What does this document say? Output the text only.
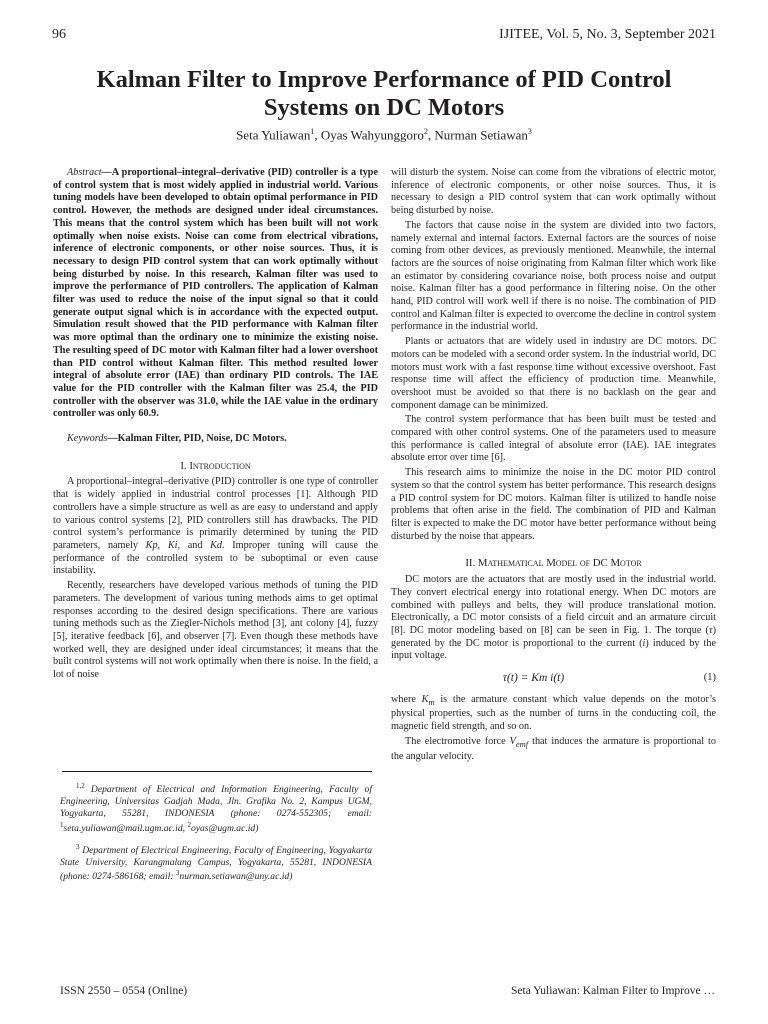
96	IJITEE, Vol. 5, No. 3, September 2021
Kalman Filter to Improve Performance of PID Control
Systems on DC Motors
Seta Yuliawan$^1$, Oyas Wahyunggoro$^2$, Nurman Setiawan$^3$

Abstract—A proportional–integral–derivative (PID) controller is a type of control system that is most widely applied in industrial world. Various tuning models have been developed to obtain optimal performance in PID control. However, the methods are designed under ideal circumstances. This means that the control system which has been built will not work optimally when noise exists. Noise can come from electrical vibrations, inference of electronic components, or other noise sources. Thus, it is necessary to design PID control system that can work optimally without being disturbed by noise. In this research, Kalman filter was used to improve the performance of PID controllers. The application of Kalman filter was used to reduce the noise of the input signal so that it could generate output signal which is in accordance with the expected output. Simulation result showed that the PID performance with Kalman filter was more optimal than the ordinary one to minimize the existing noise. The resulting speed of DC motor with Kalman filter had a lower overshoot than PID control without Kalman filter. This method resulted lower integral of absolute error (IAE) than ordinary PID controls. The IAE value for the PID controller with the Kalman filter was 25.4, the PID controller with the observer was 31.0, while the IAE value in the ordinary controller was only 60.9.

Keywords—Kalman Filter, PID, Noise, DC Motors.

I. Introduction

A proportional–integral–derivative (PID) controller is one type of controller that is widely applied in industrial control processes [1]. Although PID controllers have a simple structure as well as are easy to understand and apply to various control systems [2], PID controllers still has drawbacks. The PID control system’s performance is primarily determined by tuning the PID parameters, namely Kp, Ki, and Kd. Improper tuning will cause the performance of the controlled system to be suboptimal or even cause instability.

Recently, researchers have developed various methods of tuning the PID parameters. The development of various tuning methods aims to get optimal responses according to the desired design specifications. There are various tuning methods such as the Ziegler-Nichols method [3], ant colony [4], fuzzy [5], iterative feedback [6], and observer [7]. Even though these methods have worked well, they are designed under ideal circumstances; it means that the built control systems will not work optimally when there is noise. In the field, a lot of noise

will disturb the system. Noise can come from the vibrations of electric motor, inference of electronic components, or other noise sources. Thus, it is necessary to design a PID control system that can work optimally without being disturbed by noise.

The factors that cause noise in the system are divided into two factors, namely external and internal factors. External factors are the sources of noise coming from other devices, as previously mentioned. Meanwhile, the internal factors are the sources of noise originating from Kalman filter which work like an estimator by considering covariance noise, both process noise and output noise. Kalman filter has a good performance in filtering noise. On the other hand, PID control will work well if there is no noise. The combination of PID control and Kalman filter is expected to overcome the decline in control system performance in the industrial world.

Plants or actuators that are widely used in industry are DC motors. DC motors can be modeled with a second order system. In the industrial world, DC motors must work with a fast response time without excessive overshoot. Fast response time will affect the efficiency of production time. Meanwhile, overshoot must be avoided so that there is no backlash on the gear and component damage can be minimized.

The control system performance that has been built must be tested and compared with other control systems. One of the parameters used to measure this performance is called integral of absolute error (IAE). IAE integrates absolute error over time [6].

This research aims to minimize the noise in the DC motor PID control system so that the control system has better performance. This research designs a PID control system for DC motors. Kalman filter is utilized to handle noise problems that often arise in the field. The combination of PID and Kalman filter is expected to make the DC motor have better performance without being disturbed by the noise that appears.

II. Mathematical Model of DC Motor

DC motors are the actuators that are mostly used in the industrial world. They convert electrical energy into rotational energy. When DC motors are combined with pulleys and belts, they will produce translational motion. Electronically, a DC motor consists of a field circuit and an armature circuit [8]. DC motor modeling based on [8] can be seen in Fig. 1. The torque (τ) generated by the DC motor is proportional to the current (i) induced by the input voltage.

τ(t) = Km i(t)	(1)

where $K_m$ is the armature constant which value depends on the motor’s physical properties, such as the number of turns in the conducting coil, the magnetic field strength, and so on.

The electromotive force $V_{emf}$ that induces the armature is proportional to the angular velocity.

$^{1,2}$ Department of Electrical and Information Engineering, Faculty of Engineering, Universitas Gadjah Mada, Jln. Grafika No. 2, Kampus UGM, Yogyakarta, 55281, INDONESIA (phone: 0274-552305; email: $^1$seta.yuliawan@mail.ugm.ac.id, $^2$oyas@ugm.ac.id)

$^3$ Department of Electrical Engineering, Faculty of Engineering, Yogyakarta State University, Karangmalang Campus, Yogyakarta, 55281, INDONESIA (phone: 0274-586168; email: $^3$nurman.setiawan@uny.ac.id)

ISSN 2550 – 0554 (Online)	Seta Yuliawan: Kalman Filter to Improve …
